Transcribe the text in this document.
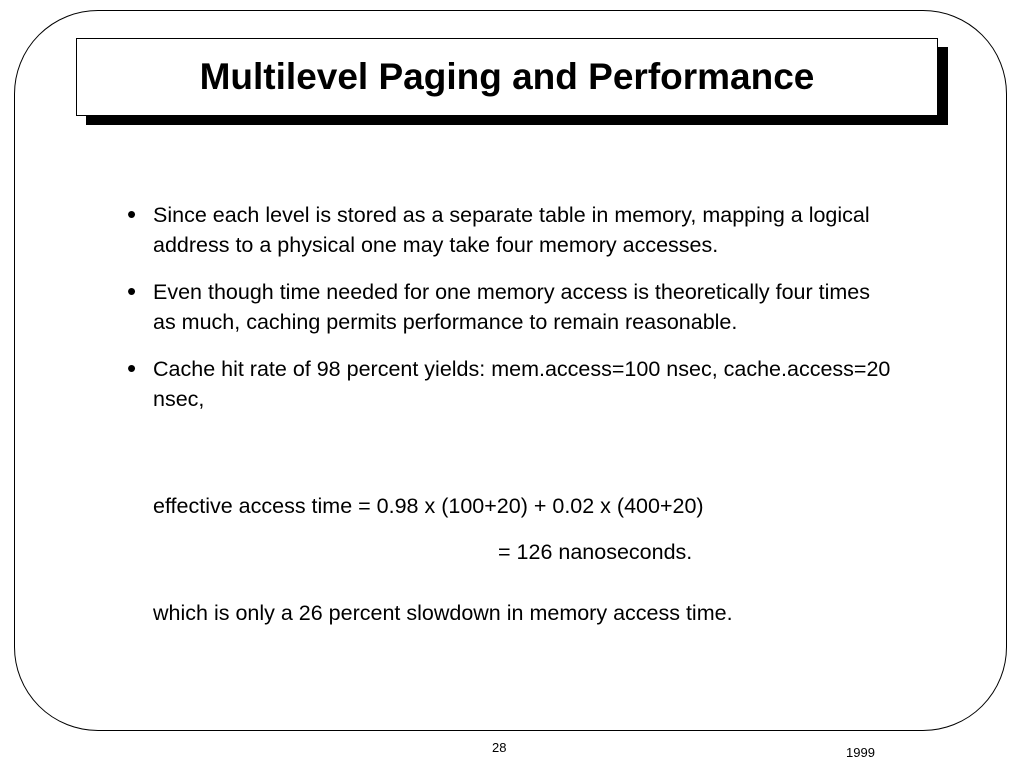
Multilevel Paging and Performance
• Since each level is stored as a separate table in memory, mapping a logical address to a physical one may take four memory accesses.
• Even though time needed for one memory access is theoretically four times as much, caching permits performance to remain reasonable.
• Cache hit rate of 98 percent yields: mem.access=100 nsec, cache.access=20 nsec,
effective access time = 0.98 x (100+20) + 0.02 x (400+20)
= 126 nanoseconds.
which is only a 26 percent slowdown in memory access time.
28	1999
